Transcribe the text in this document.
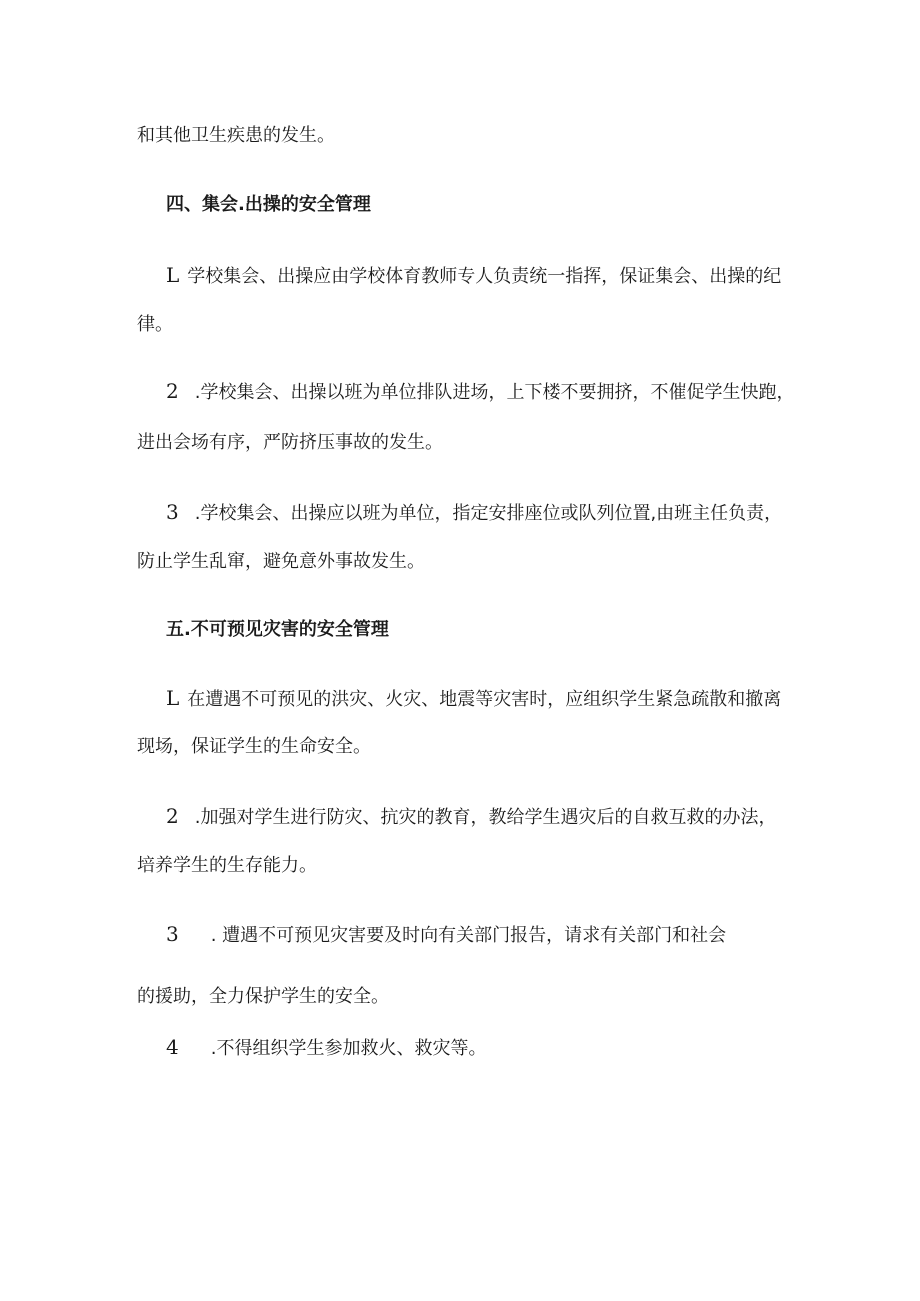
和其他卫生疾患的发生。
四、集会.出操的安全管理
L 学校集会、出操应由学校体育教师专人负责统一指挥，保证集会、出操的纪
律。
2 .学校集会、出操以班为单位排队进场，上下楼不要拥挤，不催促学生快跑，
进出会场有序，严防挤压事故的发生。
3 .学校集会、出操应以班为单位，指定安排座位或队列位置,由班主任负责，
防止学生乱窜，避免意外事故发生。
五.不可预见灾害的安全管理
L 在遭遇不可预见的洪灾、火灾、地震等灾害时，应组织学生紧急疏散和撤离
现场，保证学生的生命安全。
2 .加强对学生进行防灾、抗灾的教育，教给学生遇灾后的自救互救的办法，
培养学生的生存能力。
3 . 遭遇不可预见灾害要及时向有关部门报告，请求有关部门和社会
的援助，全力保护学生的安全。
4 .不得组织学生参加救火、救灾等。
